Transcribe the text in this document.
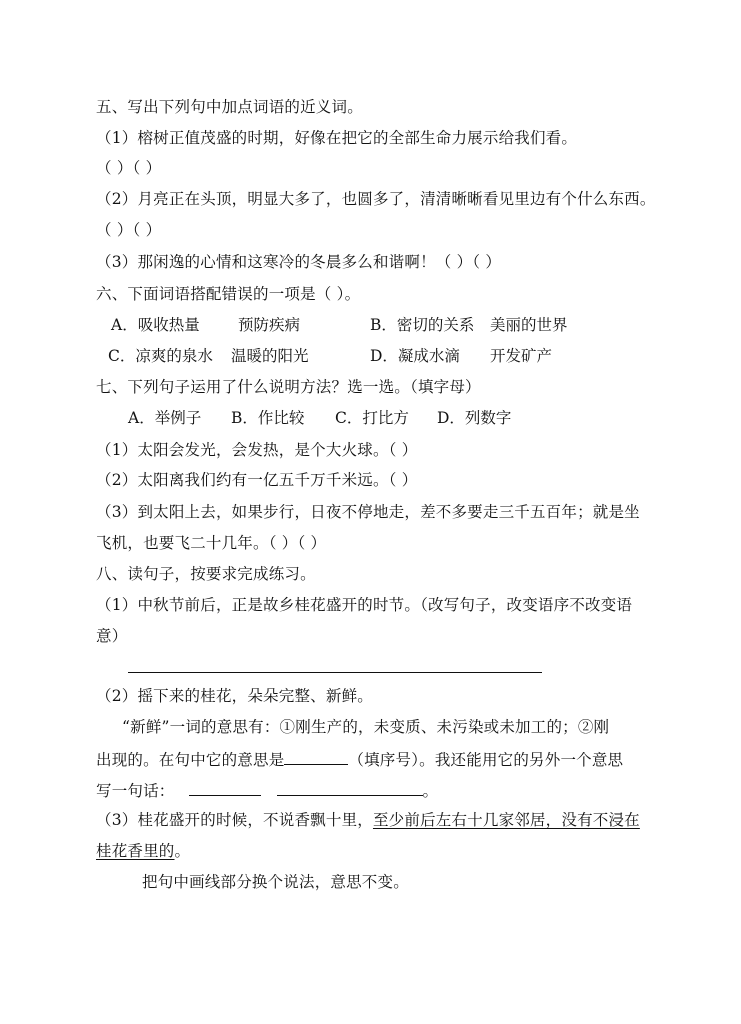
五、写出下列句中加点词语的近义词。
（1）榕树正值茂盛的时期，好像在把它的全部生命力展示给我们看。
（ ）（ ）
（2）月亮正在头顶，明显大多了，也圆多了，清清晰晰看见里边有个什么东西。
（ ）（ ）
（3）那闲逸的心情和这寒冷的冬晨多么和谐啊！（ ）（ ）
六、下面词语搭配错误的一项是（ ）。
A．吸收热量 预防疾病	B．密切的关系 美丽的世界
C．凉爽的泉水 温暖的阳光	D．凝成水滴 开发矿产
七、下列句子运用了什么说明方法？选一选。（填字母）
A．举例子 B．作比较 C．打比方 D．列数字
（1）太阳会发光，会发热，是个大火球。（ ）
（2）太阳离我们约有一亿五千万千米远。（ ）
（3）到太阳上去，如果步行，日夜不停地走，差不多要走三千五百年；就是坐
飞机，也要飞二十几年。（ ）（ ）
八、读句子，按要求完成练习。
（1）中秋节前后，正是故乡桂花盛开的时节。（改写句子，改变语序不改变语
意）
（2）摇下来的桂花，朵朵完整、新鲜。
“新鲜”一词的意思有：①刚生产的，未变质、未污染或未加工的；②刚
出现的。在句中它的意思是	（填序号）。我还能用它的另外一个意思
写一句话：	。
（3）桂花盛开的时候，不说香飘十里，至少前后左右十几家邻居，没有不浸在
桂花香里的。
把句中画线部分换个说法，意思不变。
